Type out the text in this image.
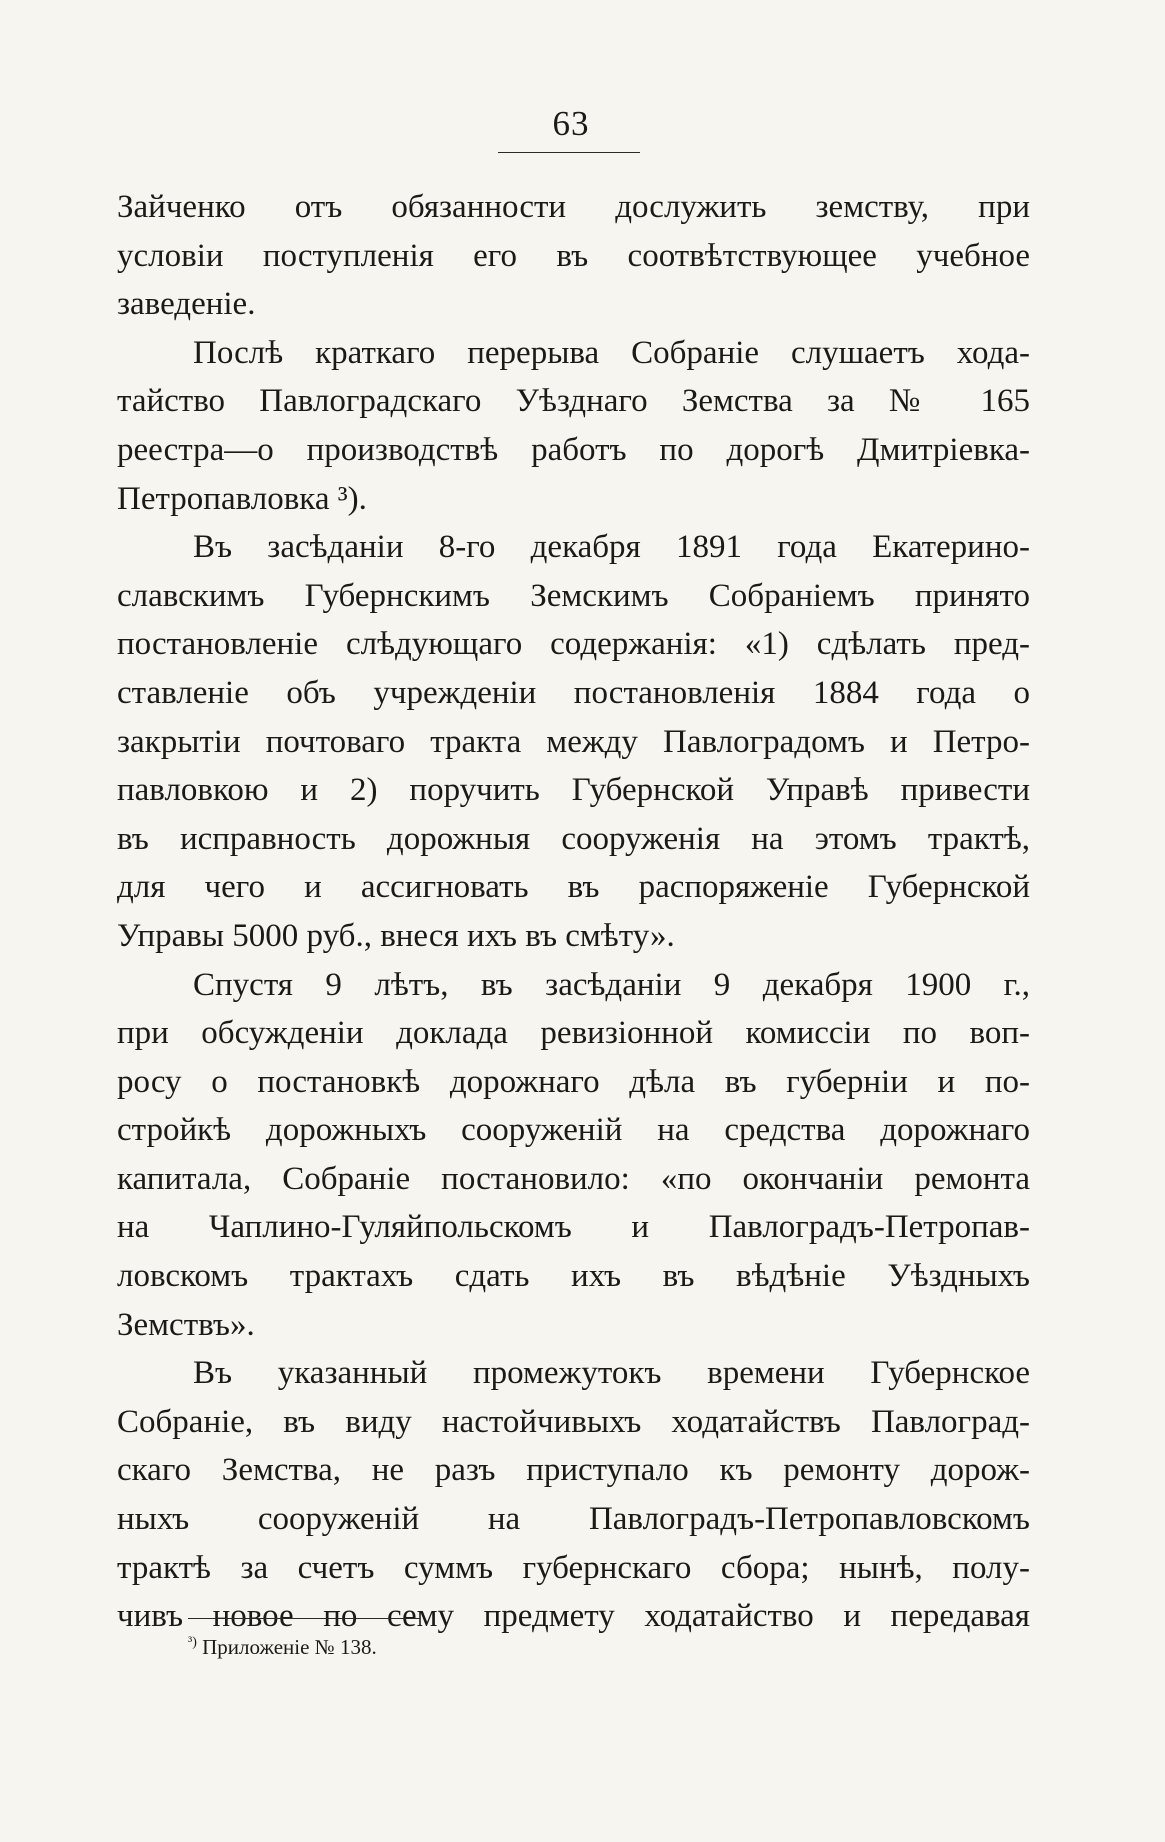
63
Зайченко отъ обязанности дослужить земству, при
условіи поступленія его въ соотвѣтствующее учебное
заведеніе.
Послѣ краткаго перерыва Собраніе слушаетъ хода-
тайство Павлоградскаго Уѣзднаго Земства за № 165
реестра—о производствѣ работъ по дорогѣ Дмитріевка-
Петропавловка ³).
Въ засѣданіи 8-го декабря 1891 года Екатерино-
славскимъ Губернскимъ Земскимъ Собраніемъ принято
постановленіе слѣдующаго содержанія: «1) сдѣлать пред-
ставленіе объ учрежденіи постановленія 1884 года о
закрытіи почтоваго тракта между Павлоградомъ и Петро-
павловкою и 2) поручить Губернской Управѣ привести
въ исправность дорожныя сооруженія на этомъ трактѣ,
для чего и ассигновать въ распоряженіе Губернской
Управы 5000 руб., внеся ихъ въ смѣту».
Спустя 9 лѣтъ, въ засѣданіи 9 декабря 1900 г.,
при обсужденіи доклада ревизіонной комиссіи по воп-
росу о постановкѣ дорожнаго дѣла въ губерніи и по-
стройкѣ дорожныхъ сооруженій на средства дорожнаго
капитала, Собраніе постановило: «по окончаніи ремонта
на Чаплино-Гуляйпольскомъ и Павлоградъ-Петропав-
ловскомъ трактахъ сдать ихъ въ вѣдѣніе Уѣздныхъ
Земствъ».
Въ указанный промежутокъ времени Губернское
Собраніе, въ виду настойчивыхъ ходатайствъ Павлоград-
скаго Земства, не разъ приступало къ ремонту дорож-
ныхъ сооруженій на Павлоградъ-Петропавловскомъ
трактѣ за счетъ суммъ губернскаго сбора; нынѣ, полу-
чивъ новое по сему предмету ходатайство и передавая
$^{^3)}$ Приложеніе № 138.
